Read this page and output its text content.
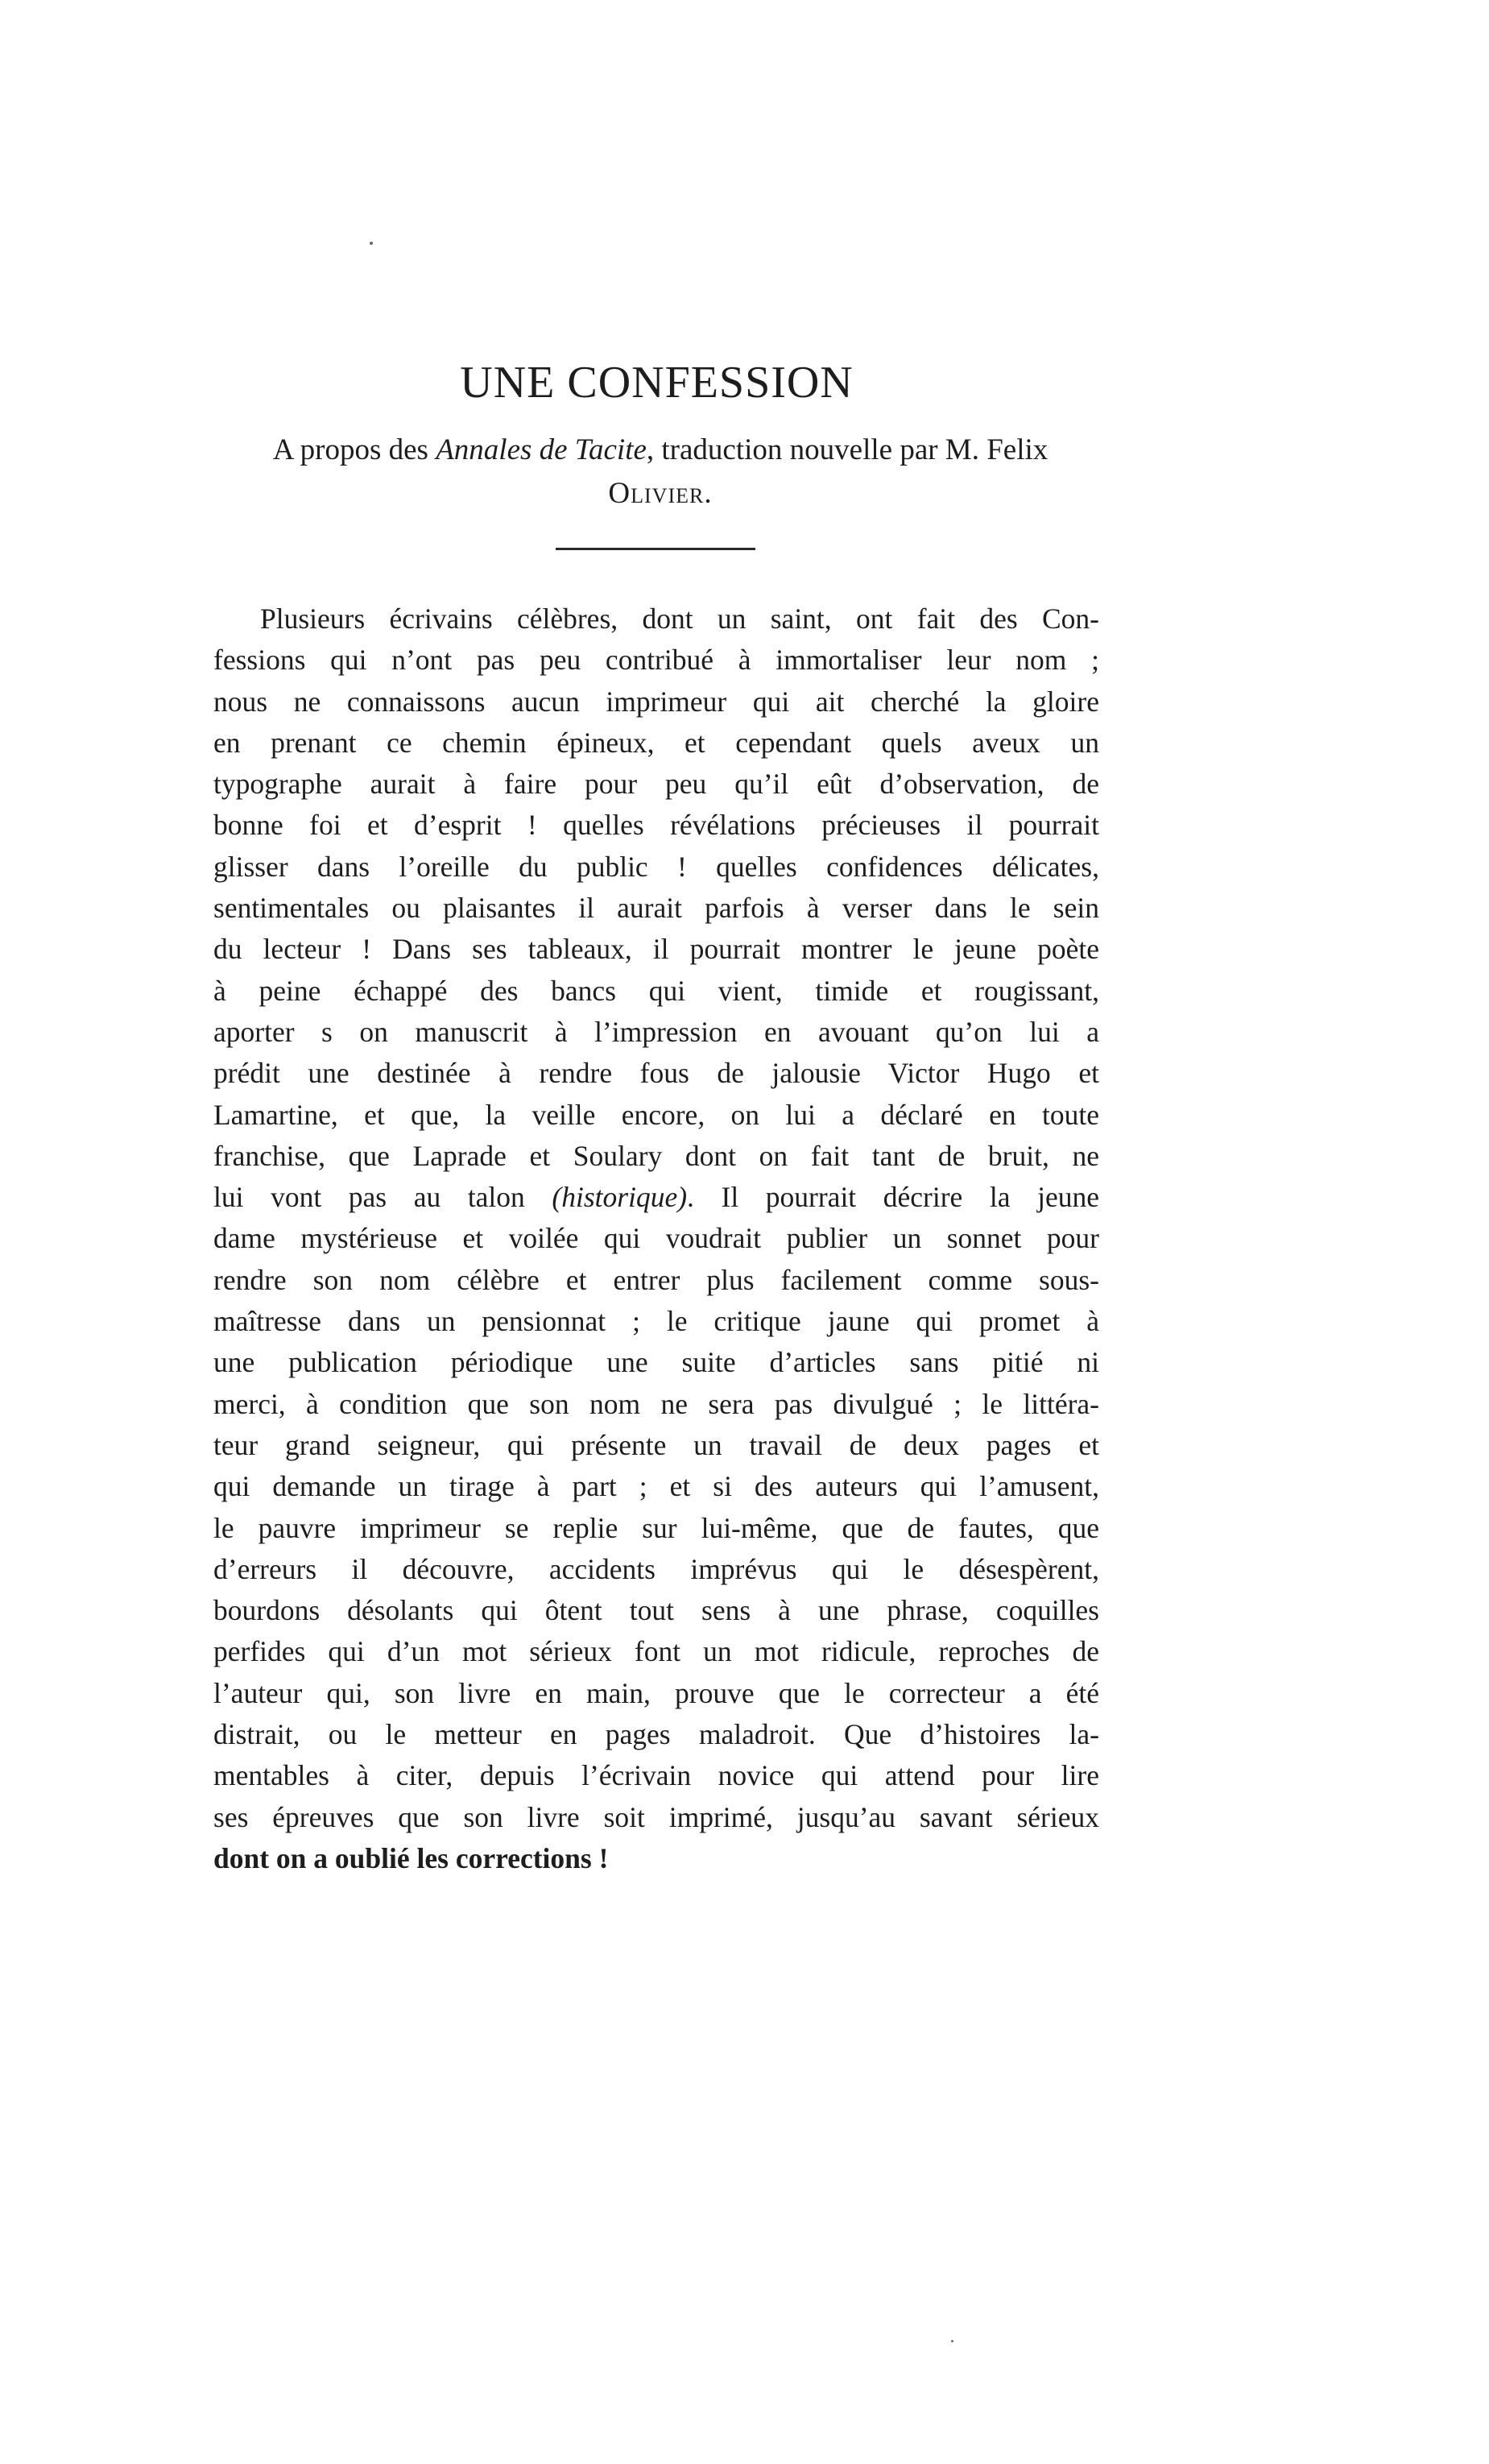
UNE CONFESSION

A propos des Annales de Tacite, traduction nouvelle par M. Felix
Olivier.

Plusieurs écrivains célèbres, dont un saint, ont fait des Con-
fessions qui n’ont pas peu contribué à immortaliser leur nom ;
nous ne connaissons aucun imprimeur qui ait cherché la gloire
en prenant ce chemin épineux, et cependant quels aveux un
typographe aurait à faire pour peu qu’il eût d’observation, de
bonne foi et d’esprit ! quelles révélations précieuses il pourrait
glisser dans l’oreille du public ! quelles confidences délicates,
sentimentales ou plaisantes il aurait parfois à verser dans le sein
du lecteur ! Dans ses tableaux, il pourrait montrer le jeune poète
à peine échappé des bancs qui vient, timide et rougissant,
aporter s on manuscrit à l’impression en avouant qu’on lui a
prédit une destinée à rendre fous de jalousie Victor Hugo et
Lamartine, et que, la veille encore, on lui a déclaré en toute
franchise, que Laprade et Soulary dont on fait tant de bruit, ne
lui vont pas au talon (historique). Il pourrait décrire la jeune
dame mystérieuse et voilée qui voudrait publier un sonnet pour
rendre son nom célèbre et entrer plus facilement comme sous-
maîtresse dans un pensionnat ; le critique jaune qui promet à
une publication périodique une suite d’articles sans pitié ni
merci, à condition que son nom ne sera pas divulgué ; le littéra-
teur grand seigneur, qui présente un travail de deux pages et
qui demande un tirage à part ; et si des auteurs qui l’amusent,
le pauvre imprimeur se replie sur lui-même, que de fautes, que
d’erreurs il découvre, accidents imprévus qui le désespèrent,
bourdons désolants qui ôtent tout sens à une phrase, coquilles
perfides qui d’un mot sérieux font un mot ridicule, reproches de
l’auteur qui, son livre en main, prouve que le correcteur a été
distrait, ou le metteur en pages maladroit. Que d’histoires la-
mentables à citer, depuis l’écrivain novice qui attend pour lire
ses épreuves que son livre soit imprimé, jusqu’au savant sérieux
dont on a oublié les corrections !
